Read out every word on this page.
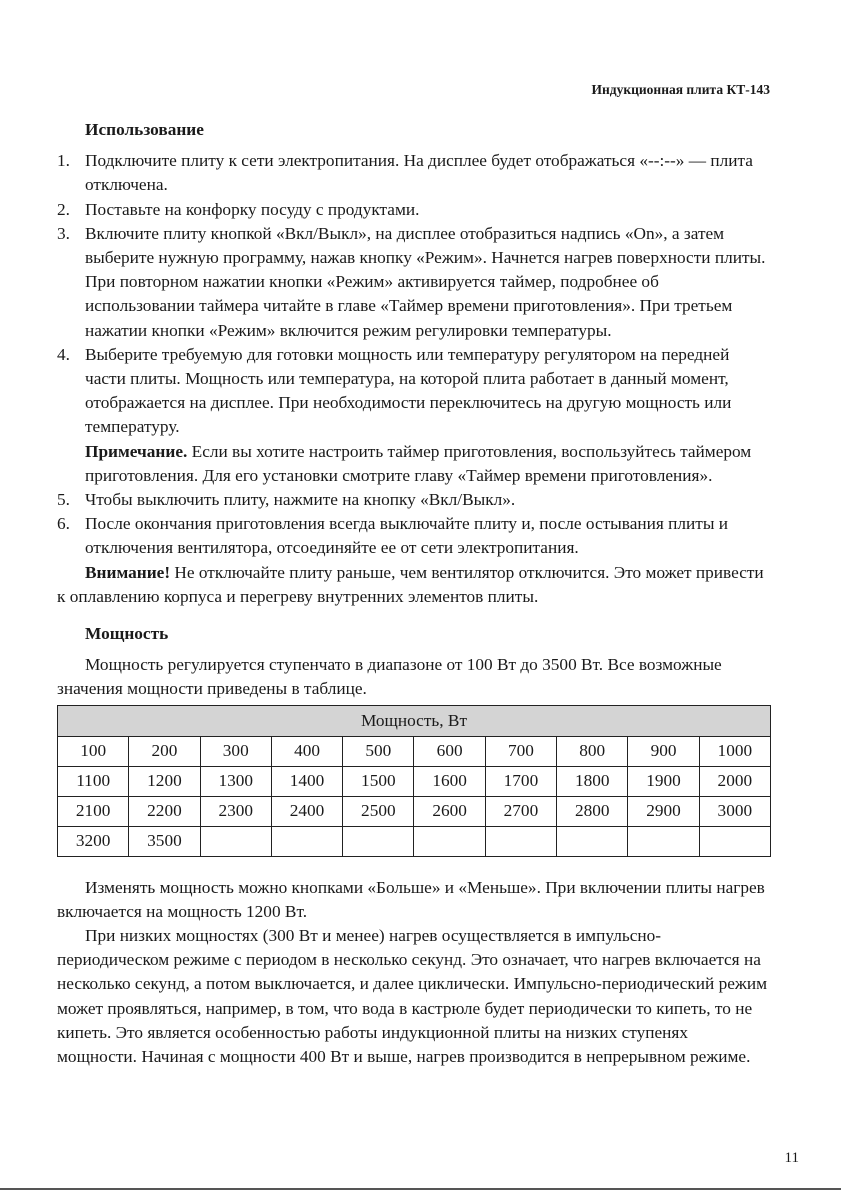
Индукционная плита КТ-143
Использование
1. Подключите плиту к сети электропитания. На дисплее будет отображаться «--:--» — плита отключена.
2. Поставьте на конфорку посуду с продуктами.
3. Включите плиту кнопкой «Вкл/Выкл», на дисплее отобразиться надпись «On», а затем выберите нужную программу, нажав кнопку «Режим». Начнется нагрев поверхности плиты.
При повторном нажатии кнопки «Режим» активируется таймер, подробнее об использовании таймера читайте в главе «Таймер времени приготовления». При третьем нажатии кнопки «Режим» включится режим регулировки температуры.
4. Выберите требуемую для готовки мощность или температуру регулятором на передней части плиты. Мощность или температура, на которой плита работает в данный момент, отображается на дисплее. При необходимости переключитесь на другую мощность или температуру.
Примечание. Если вы хотите настроить таймер приготовления, воспользуйтесь таймером приготовления. Для его установки смотрите главу «Таймер времени приготовления».
5. Чтобы выключить плиту, нажмите на кнопку «Вкл/Выкл».
6. После окончания приготовления всегда выключайте плиту и, после остывания плиты и отключения вентилятора, отсоединяйте ее от сети электропитания.
Внимание! Не отключайте плиту раньше, чем вентилятор отключится. Это может привести к оплавлению корпуса и перегреву внутренних элементов плиты.
Мощность
Мощность регулируется ступенчато в диапазоне от 100 Вт до 3500 Вт. Все возможные значения мощности приведены в таблице.
Мощность, Вт									
100	200	300	400	500	600	700	800	900	1000
1100	1200	1300	1400	1500	1600	1700	1800	1900	2000
2100	2200	2300	2400	2500	2600	2700	2800	2900	3000
3200	3500								
Изменять мощность можно кнопками «Больше» и «Меньше». При включении плиты нагрев включается на мощность 1200 Вт.
При низких мощностях (300 Вт и менее) нагрев осуществляется в импульсно-периодическом режиме с периодом в несколько секунд. Это означает, что нагрев включается на несколько секунд, а потом выключается, и далее циклически. Импульсно-периодический режим может проявляться, например, в том, что вода в кастрюле будет периодически то кипеть, то не кипеть. Это является особенностью работы индукционной плиты на низких ступенях мощности. Начиная с мощности 400 Вт и выше, нагрев производится в непрерывном режиме.
11
